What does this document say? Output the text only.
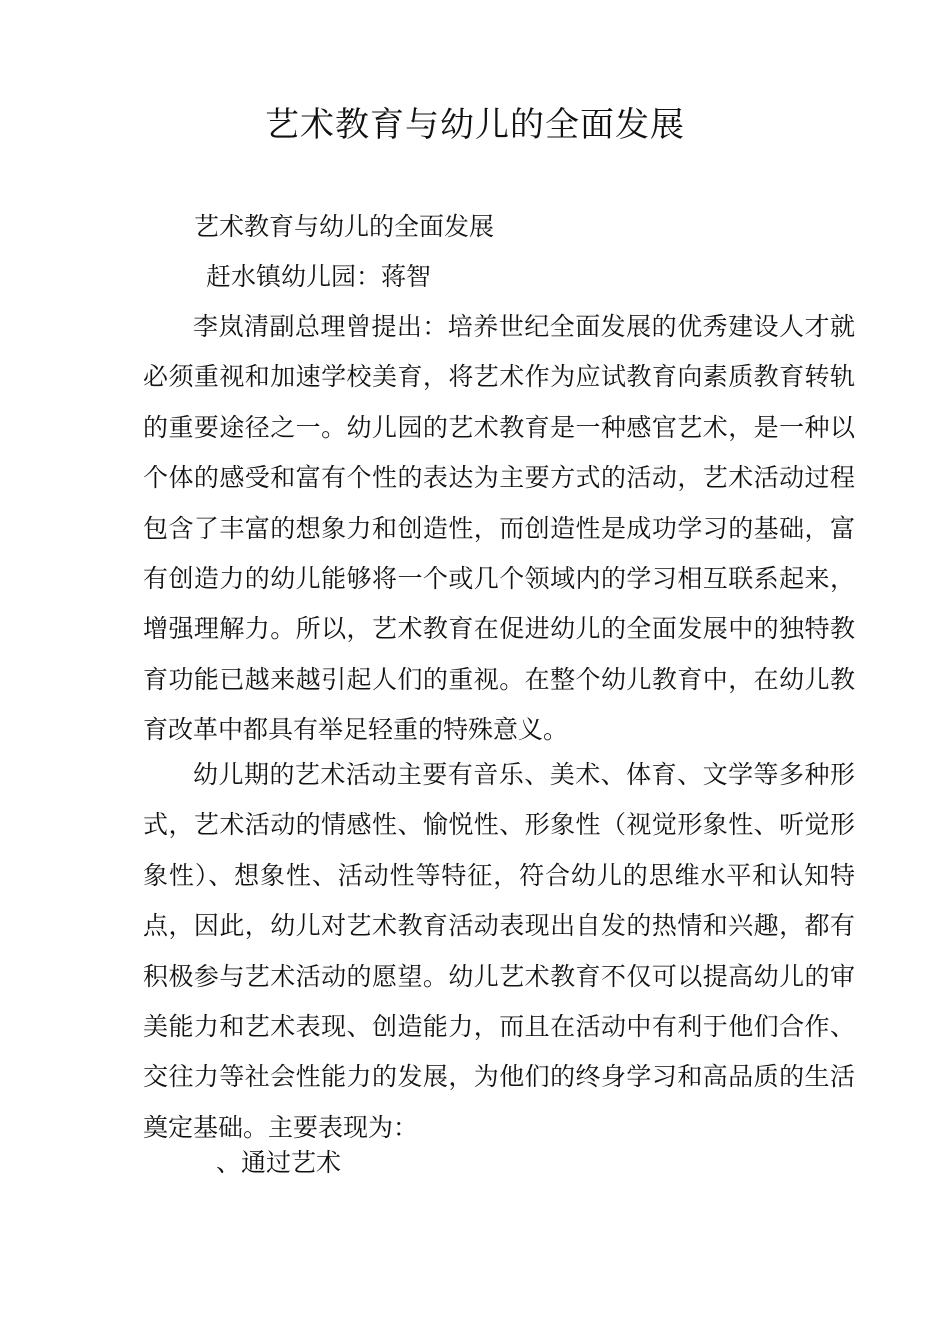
艺术教育与幼儿的全面发展
艺术教育与幼儿的全面发展
赶水镇幼儿园：蒋智

李岚清副总理曾提出：培养世纪全面发展的优秀建设人才就必须重视和加速学校美育，将艺术作为应试教育向素质教育转轨的重要途径之一。幼儿园的艺术教育是一种感官艺术，是一种以个体的感受和富有个性的表达为主要方式的活动，艺术活动过程包含了丰富的想象力和创造性，而创造性是成功学习的基础，富有创造力的幼儿能够将一个或几个领域内的学习相互联系起来，增强理解力。所以，艺术教育在促进幼儿的全面发展中的独特教育功能已越来越引起人们的重视。在整个幼儿教育中，在幼儿教育改革中都具有举足轻重的特殊意义。

幼儿期的艺术活动主要有音乐、美术、体育、文学等多种形式，艺术活动的情感性、愉悦性、形象性（视觉形象性、听觉形象性）、想象性、活动性等特征，符合幼儿的思维水平和认知特点，因此，幼儿对艺术教育活动表现出自发的热情和兴趣，都有积极参与艺术活动的愿望。幼儿艺术教育不仅可以提高幼儿的审美能力和艺术表现、创造能力，而且在活动中有利于他们合作、交往力等社会性能力的发展，为他们的终身学习和高品质的生活奠定基础。主要表现为：

、通过艺术
